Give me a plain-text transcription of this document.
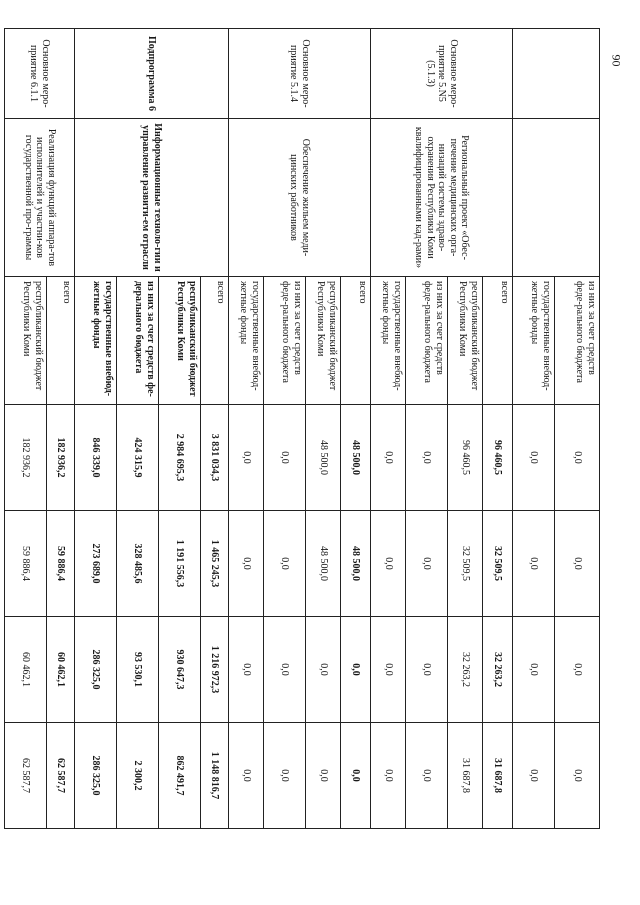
90
		из них за счет средств феде-ральногo бюджета	0,0	0,0	0,0	0,0
		государственные внебюд-жетные фонды	0,0	0,0	0,0	0,0
Основное меро-приятие 5.N5 (5.1.3)	Региональный проект «Обес-печение медицинских орга-низаций системы здраво-охранения Республики Коми квалифицированными кад-рами»	всего	96 460,5	32 509,5	32 263,2	31 687,8
		республиканский бюджет Республики Коми	96 460,5	32 509,5	32 263,2	31 687,8
		из них за счет средств феде-ральногo бюджета	0,0	0,0	0,0	0,0
		государственные внебюд-жетные фонды	0,0	0,0	0,0	0,0
Основное меро-приятие 5.1.4	Обеспечение жильем меди-цинских работников	всего	48 500,0	48 500,0	0,0	0,0
		республиканский бюджет Республики Коми	48 500,0	48 500,0	0,0	0,0
		из них за счет средств феде-ральногo бюджета	0,0	0,0	0,0	0,0
		государственные внебюд-жетные фонды	0,0	0,0	0,0	0,0
Подпрограмма 6	Информационные техноло-гии и управление развити-ем отрасли	всего	3 831 034,3	1 465 245,3	1 216 972,3	1 148 816,7
		республиканский бюджет Республики Коми	2 984 695,3	1 191 556,3	930 647,3	862 491,7
		из них за счет средств фе-дерального бюджета	424 315,9	328 485,6	93 530,1	2 300,2
		государственные внебюд-жетные фонды	846 339,0	273 689,0	286 325,0	286 325,0
Основное меро-приятие 6.1.1	Реализация функций аппара-тов исполнителей и участни-ков государственной про-граммы	всего	182 936,2	59 886,4	60 462,1	62 587,7
		республиканский бюджет Республики Коми	182 936,2	59 886,4	60 462,1	62 587,7
